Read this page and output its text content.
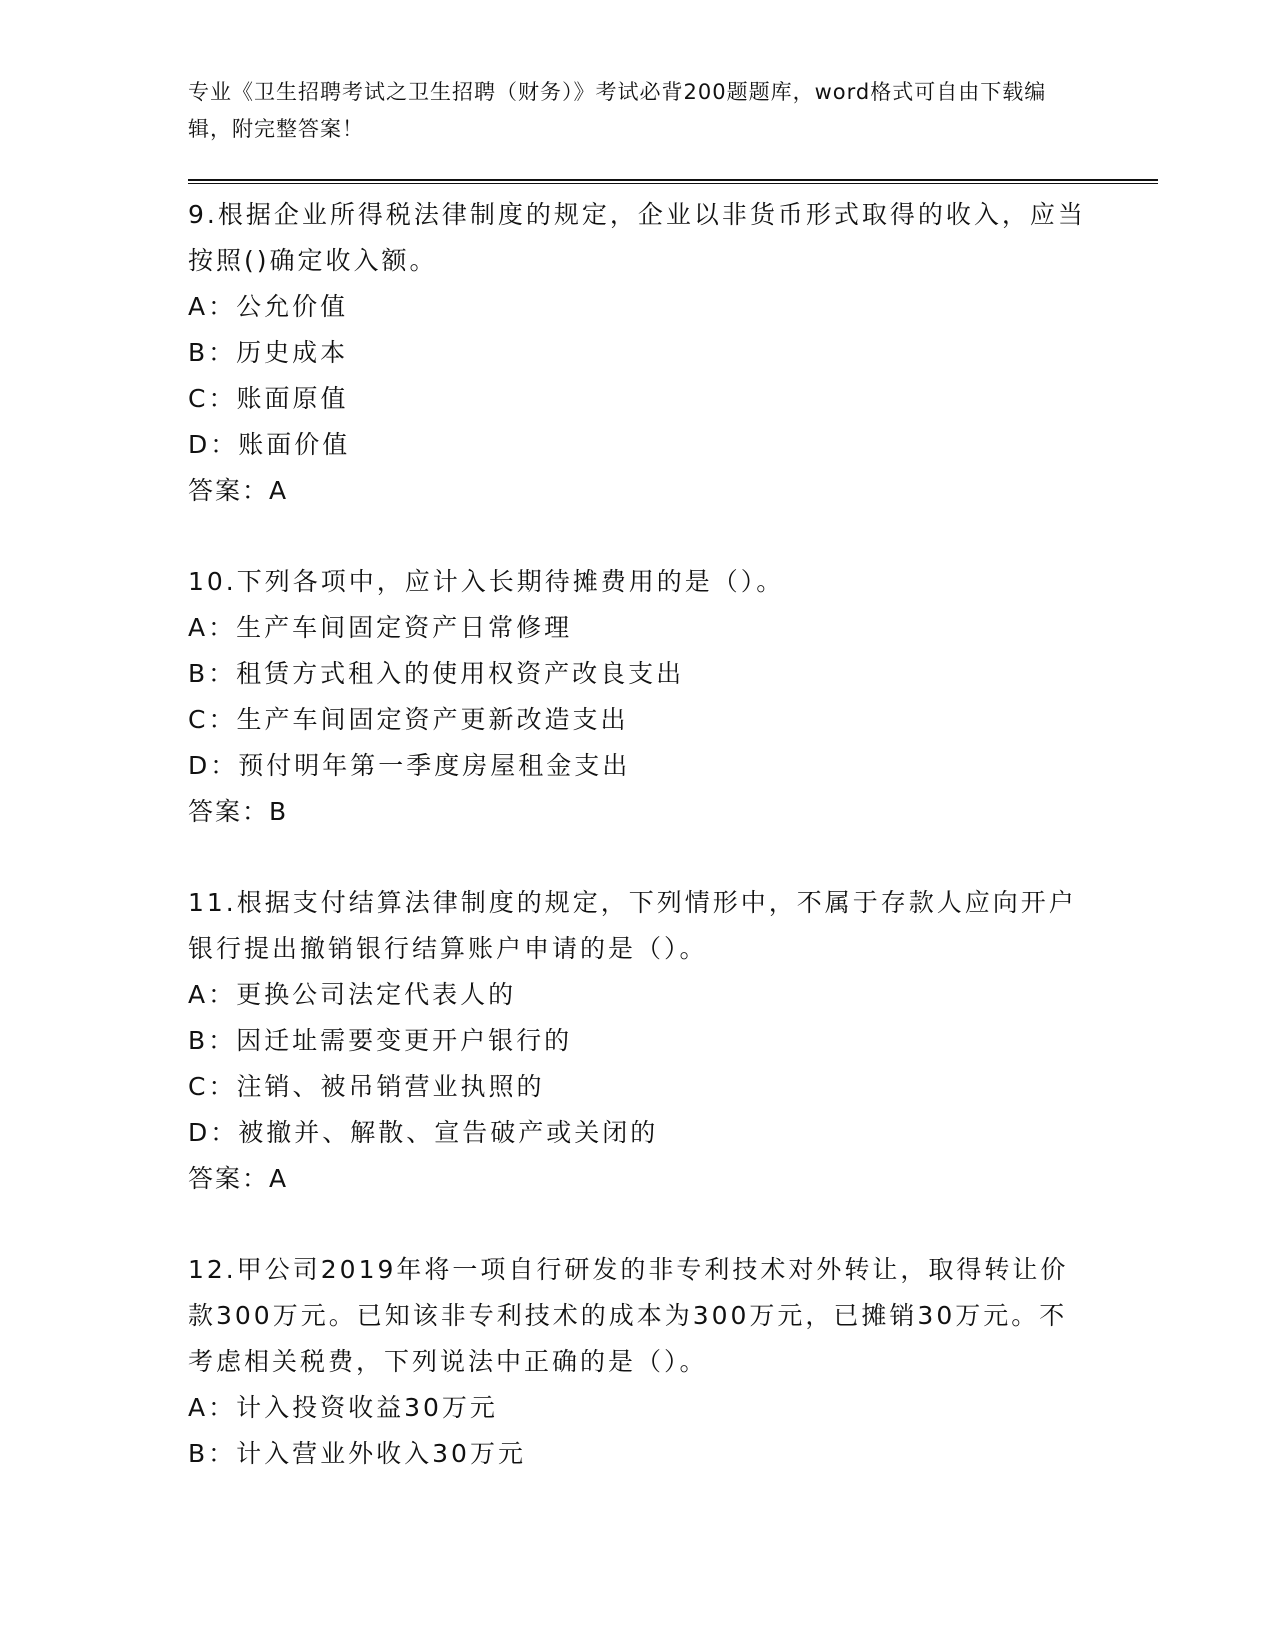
专业《卫生招聘考试之卫生招聘（财务）》考试必背200题题库，word格式可自由下载编辑，附完整答案！
9.根据企业所得税法律制度的规定，企业以非货币形式取得的收入，应当按照()确定收入额。
A：公允价值
B：历史成本
C：账面原值
D：账面价值
答案：A
10.下列各项中，应计入长期待摊费用的是（）。
A：生产车间固定资产日常修理
B：租赁方式租入的使用权资产改良支出
C：生产车间固定资产更新改造支出
D：预付明年第一季度房屋租金支出
答案：B
11.根据支付结算法律制度的规定，下列情形中，不属于存款人应向开户银行提出撤销银行结算账户申请的是（）。
A：更换公司法定代表人的
B：因迁址需要变更开户银行的
C：注销、被吊销营业执照的
D：被撤并、解散、宣告破产或关闭的
答案：A
12.甲公司2019年将一项自行研发的非专利技术对外转让，取得转让价款300万元。已知该非专利技术的成本为300万元，已摊销30万元。不考虑相关税费，下列说法中正确的是（）。
A：计入投资收益30万元
B：计入营业外收入30万元
